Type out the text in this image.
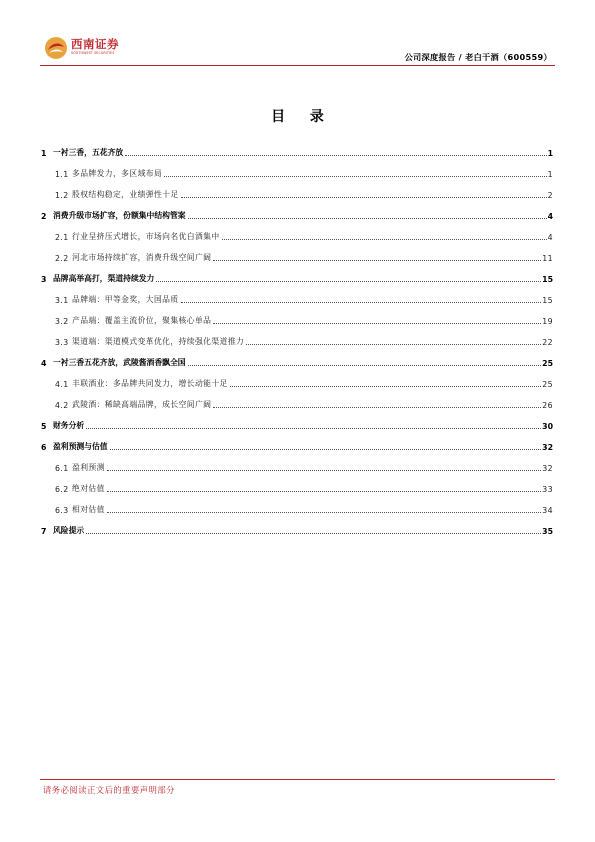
西南证券
SOUTHWEST SECURITIES	公司深度报告 / 老白干酒（600559）
目 录
1 一衬三香，五花齐放	1
1.1 多品牌发力，多区域布局	1
1.2 股权结构稳定，业绩弹性十足	2
2 消费升级市场扩容，份额集中结构管案	4
2.1 行业呈挤压式增长，市场向名优白酒集中	4
2.2 河北市场持续扩容，消费升级空间广阔	11
3 品牌高举高打，渠道持续发力	15
3.1 品牌端：甲等金奖，大国品质	15
3.2 产品端：覆盖主流价位，聚集核心单品	19
3.3 渠道端：渠道模式变革优化，持续强化渠道推力	22
4 一衬三香五花齐放，武陵酱酒香飘全国	25
4.1 丰联酒业：多品牌共同发力，增长动能十足	25
4.2 武陵酒：稀缺高端品牌，成长空间广阔	26
5 财务分析	30
6 盈利预测与估值	32
6.1 盈利预测	32
6.2 绝对估值	33
6.3 相对估值	34
7 风险提示	35
请务必阅读正文后的重要声明部分
